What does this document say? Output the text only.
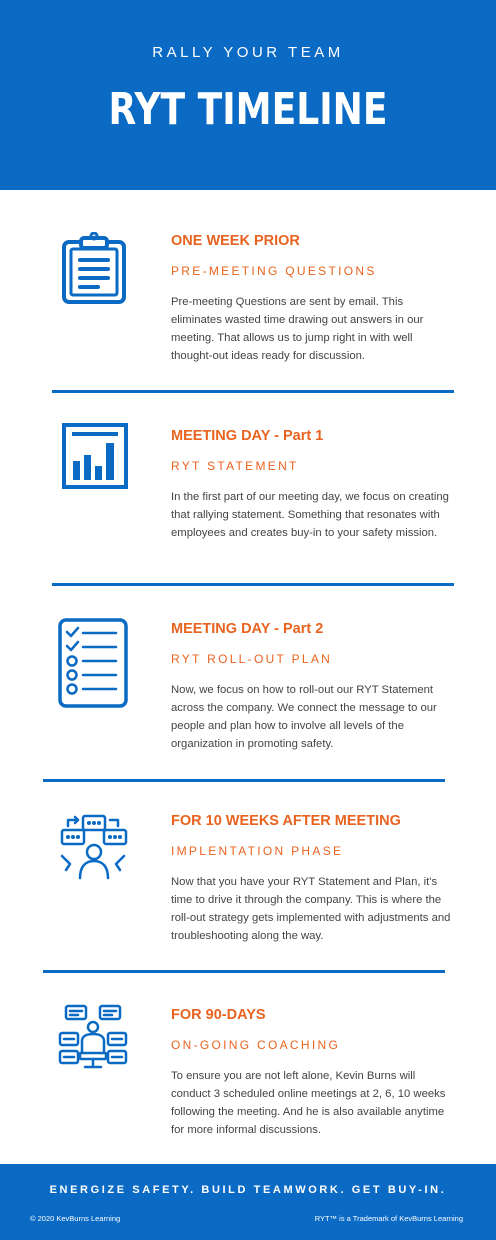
RALLY YOUR TEAM
RYT TIMELINE
ONE WEEK PRIOR
PRE-MEETING QUESTIONS
Pre-meeting Questions are sent by email. This eliminates wasted time drawing out answers in our meeting. That allows us to jump right in with well thought-out ideas ready for discussion.
MEETING DAY - Part 1
RYT STATEMENT
In the first part of our meeting day, we focus on creating that rallying statement. Something that resonates with employees and creates buy-in to your safety mission.
MEETING DAY - Part 2
RYT ROLL-OUT PLAN
Now, we focus on how to roll-out our RYT Statement across the company. We connect the message to our people and plan how to involve all levels of the organization in promoting safety.
FOR 10 WEEKS AFTER MEETING
IMPLENTATION PHASE
Now that you have your RYT Statement and Plan, it's time to drive it through the company. This is where the roll-out strategy gets implemented with adjustments and troubleshooting along the way.
FOR 90-DAYS
ON-GOING COACHING
To ensure you are not left alone, Kevin Burns will conduct 3 scheduled online meetings at 2, 6, 10 weeks following the meeting. And he is also available anytime for more informal discussions.
ENERGIZE SAFETY. BUILD TEAMWORK. GET BUY-IN.
© 2020 KevBurns Learning	RYT™ is a Trademark of KevBurns Learning
